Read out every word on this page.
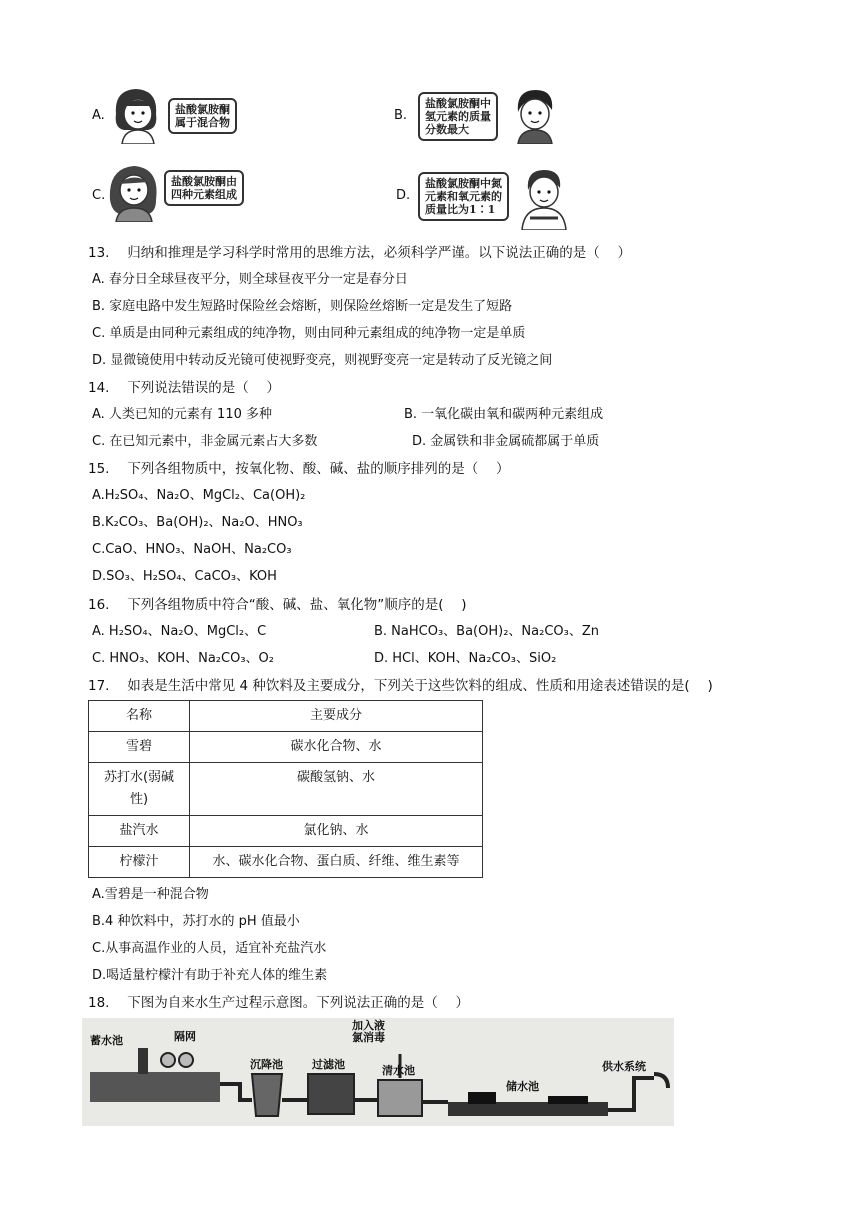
A.	盐酸氯胺酮
属于混合物	B.
盐酸氯胺酮中
氢元素的质量
分数最大
C.
盐酸氯胺酮由
四种元素组成	D.
盐酸氯胺酮中氮
元素和氧元素的
质量比为1∶1
13.　 归纳和推理是学习科学时常用的思维方法，必须科学严谨。以下说法正确的是（　 ）
A. 春分日全球昼夜平分，则全球昼夜平分一定是春分日
B. 家庭电路中发生短路时保险丝会熔断，则保险丝熔断一定是发生了短路
C. 单质是由同种元素组成的纯净物，则由同种元素组成的纯净物一定是单质
D. 显微镜使用中转动反光镜可使视野变亮，则视野变亮一定是转动了反光镜之间
14.　 下列说法错误的是（　 ）
A. 人类已知的元素有 110 多种	B. 一氧化碳由氧和碳两种元素组成
C. 在已知元素中，非金属元素占大多数	D. 金属铁和非金属硫都属于单质
15.　 下列各组物质中，按氧化物、酸、碱、盐的顺序排列的是（　 ）
A.H₂SO₄、Na₂O、MgCl₂、Ca(OH)₂
B.K₂CO₃、Ba(OH)₂、Na₂O、HNO₃
C.CaO、HNO₃、NaOH、Na₂CO₃
D.SO₃、H₂SO₄、CaCO₃、KOH
16.　 下列各组物质中符合“酸、碱、盐、氧化物”顺序的是(　 )
A. H₂SO₄、Na₂O、MgCl₂、C	B. NaHCO₃、Ba(OH)₂、Na₂CO₃、Zn
C. HNO₃、KOH、Na₂CO₃、O₂	D. HCl、KOH、Na₂CO₃、SiO₂
17.　 如表是生活中常见 4 种饮料及主要成分，下列关于这些饮料的组成、性质和用途表述错误的是(　 )
名称	主要成分
雪碧	碳水化合物、水
苏打水(弱碱
性)	碳酸氢钠、水
盐汽水	氯化钠、水
柠檬汁	水、碳水化合物、蛋白质、纤维、维生素等
A.雪碧是一种混合物
B.4 种饮料中，苏打水的 pH 值最小
C.从事高温作业的人员，适宜补充盐汽水
D.喝适量柠檬汁有助于补充人体的维生素
18.　 下图为自来水生产过程示意图。下列说法正确的是（　 ）
蓄水池	隔网
沉降池	过滤池
加入液
氯消毒
清水池
储水池
供水系统
